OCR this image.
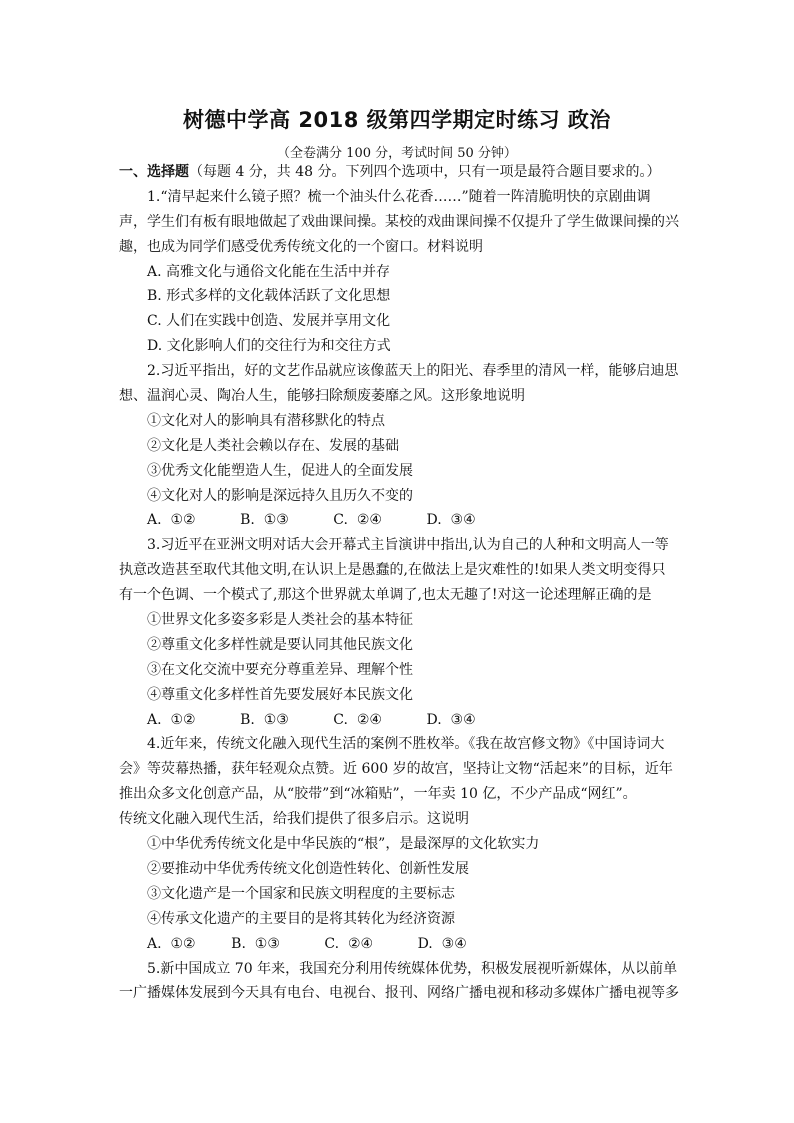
树德中学高 2018 级第四学期定时练习 政治
（全卷满分 100 分，考试时间 50 分钟）
一、选择题（每题 4 分，共 48 分。下列四个选项中，只有一项是最符合题目要求的。）
1.“清早起来什么镜子照？梳一个油头什么花香……”随着一阵清脆明快的京剧曲调
声，学生们有板有眼地做起了戏曲课间操。某校的戏曲课间操不仅提升了学生做课间操的兴
趣，也成为同学们感受优秀传统文化的一个窗口。材料说明
A. 高雅文化与通俗文化能在生活中并存
B. 形式多样的文化载体活跃了文化思想
C. 人们在实践中创造、发展并享用文化
D. 文化影响人们的交往行为和交往方式
2.习近平指出，好的文艺作品就应该像蓝天上的阳光、春季里的清风一样，能够启迪思
想、温润心灵、陶冶人生，能够扫除颓废萎靡之风。这形象地说明
①文化对人的影响具有潜移默化的特点
②文化是人类社会赖以存在、发展的基础
③优秀文化能塑造人生，促进人的全面发展
④文化对人的影响是深远持久且历久不变的
A.  ①②          B.  ①③          C.  ②④          D.  ③④
3.习近平在亚洲文明对话大会开幕式主旨演讲中指出,认为自己的人种和文明高人一等
执意改造甚至取代其他文明,在认识上是愚蠢的,在做法上是灾难性的!如果人类文明变得只
有一个色调、一个模式了,那这个世界就太单调了,也太无趣了!对这一论述理解正确的是
①世界文化多姿多彩是人类社会的基本特征
②尊重文化多样性就是要认同其他民族文化
③在文化交流中要充分尊重差异、理解个性
④尊重文化多样性首先要发展好本民族文化
A.  ①②          B.  ①③          C.  ②④          D.  ③④
4.近年来，传统文化融入现代生活的案例不胜枚举。《我在故宫修文物》《中国诗词大
会》等荧幕热播，获年轻观众点赞。近 600 岁的故宫，坚持让文物“活起来”的目标，近年
推出众多文化创意产品，从“胶带”到“冰箱贴”，一年卖 10 亿，不少产品成“网红”。
传统文化融入现代生活，给我们提供了很多启示。这说明
①中华优秀传统文化是中华民族的“根”，是最深厚的文化软实力
②要推动中华优秀传统文化创造性转化、创新性发展
③文化遗产是一个国家和民族文明程度的主要标志
④传承文化遗产的主要目的是将其转化为经济资源
A.  ①②        B.  ①③          C.  ②④          D.  ③④
5.新中国成立 70 年来，我国充分利用传统媒体优势，积极发展视听新媒体，从以前单
一广播媒体发展到今天具有电台、电视台、报刊、网络广播电视和移动多媒体广播电视等多
